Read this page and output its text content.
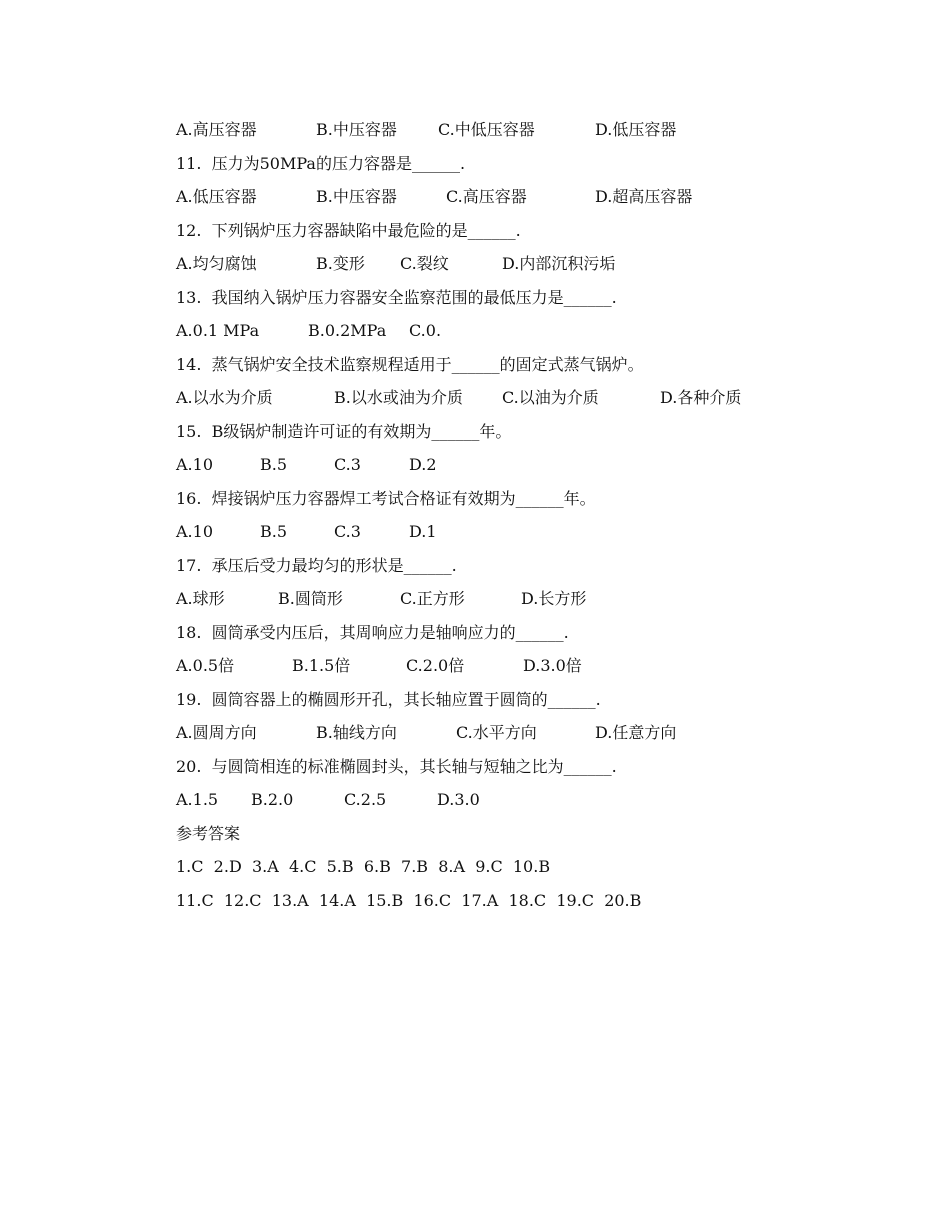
A.高压容器	B.中压容器	C.中低压容器	D.低压容器
11.  压力为50MPa的压力容器是______.
A.低压容器	B.中压容器	C.高压容器	D.超高压容器
12.  下列锅炉压力容器缺陷中最危险的是______.
A.均匀腐蚀	B.变形 C.裂纹	D.内部沉积污垢
13.  我国纳入锅炉压力容器安全监察范围的最低压力是______.

A.0.1 MPa

	B.0.2MPa

C.0.

14.  蒸气锅炉安全技术监察规程适用于______的固定式蒸气锅炉。
A.以水为介质	B.以水或油为介质 C.以油为介质	D.各种介质
15.  B级锅炉制造许可证的有效期为______年。
A.10	B.5	C.3	D.2
16.  焊接锅炉压力容器焊工考试合格证有效期为______年。
A.10	B.5	C.3	D.1
17.  承压后受力最均匀的形状是______.
A.球形	B.圆筒形	C.正方形	D.长方形
18.  圆筒承受内压后，其周响应力是轴响应力的______.
A.0.5倍	B.1.5倍	C.2.0倍	D.3.0倍
19.  圆筒容器上的椭圆形开孔，其长轴应置于圆筒的______.
A.圆周方向	B.轴线方向	C.水平方向	D.任意方向
20.  与圆筒相连的标准椭圆封头，其长轴与短轴之比为______.
A.1.5 B.2.0	C.2.5	D.3.0
参考答案
1.C  2.D  3.A  4.C  5.B  6.B  7.B  8.A  9.C  10.B
11.C  12.C  13.A  14.A  15.B  16.C  17.A  18.C  19.C  20.B
